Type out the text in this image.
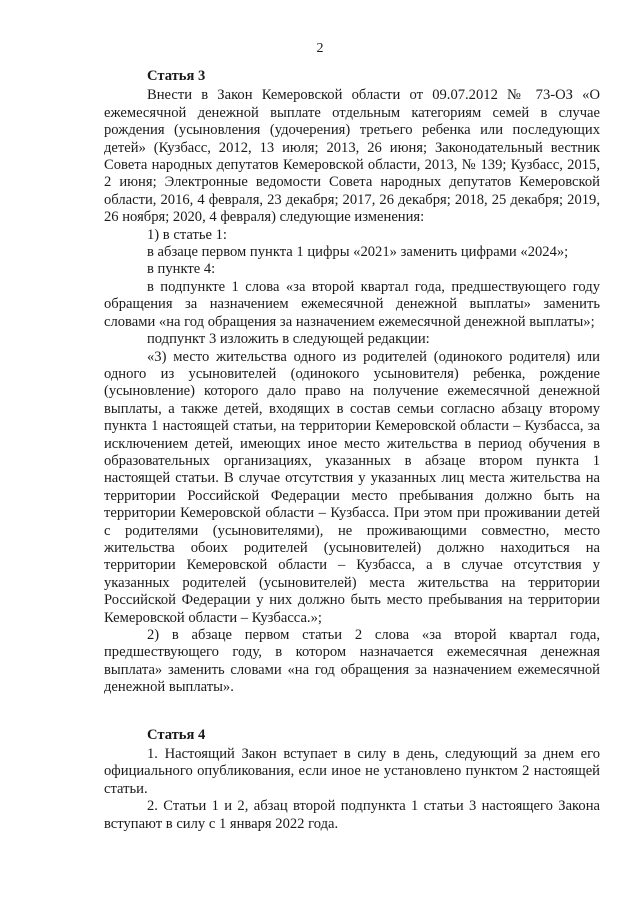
2
Статья 3

Внести в Закон Кемеровской области от 09.07.2012 № 73-ОЗ «О ежемесячной денежной выплате отдельным категориям семей в случае рождения (усыновления (удочерения) третьего ребенка или последующих детей» (Кузбасс, 2012, 13 июля; 2013, 26 июня; Законодательный вестник Совета народных депутатов Кемеровской области, 2013, № 139; Кузбасс, 2015, 2 июня; Электронные ведомости Совета народных депутатов Кемеровской области, 2016, 4 февраля, 23 декабря; 2017, 26 декабря; 2018, 25 декабря; 2019, 26 ноября; 2020, 4 февраля) следующие изменения:

1) в статье 1:

в абзаце первом пункта 1 цифры «2021» заменить цифрами «2024»;

в пункте 4:

в подпункте 1 слова «за второй квартал года, предшествующего году обращения за назначением ежемесячной денежной выплаты» заменить словами «на год обращения за назначением ежемесячной денежной выплаты»;

подпункт 3 изложить в следующей редакции:

«3) место жительства одного из родителей (одинокого родителя) или одного из усыновителей (одинокого усыновителя) ребенка, рождение (усыновление) которого дало право на получение ежемесячной денежной выплаты, а также детей, входящих в состав семьи согласно абзацу второму пункта 1 настоящей статьи, на территории Кемеровской области – Кузбасса, за исключением детей, имеющих иное место жительства в период обучения в образовательных организациях, указанных в абзаце втором пункта 1 настоящей статьи. В случае отсутствия у указанных лиц места жительства на территории Российской Федерации место пребывания должно быть на территории Кемеровской области – Кузбасса. При этом при проживании детей с родителями (усыновителями), не проживающими совместно, место жительства обоих родителей (усыновителей) должно находиться на территории Кемеровской области – Кузбасса, а в случае отсутствия у указанных родителей (усыновителей) места жительства на территории Российской Федерации у них должно быть место пребывания на территории Кемеровской области – Кузбасса.»;

2) в абзаце первом статьи 2 слова «за второй квартал года, предшествующего году, в котором назначается ежемесячная денежная выплата» заменить словами «на год обращения за назначением ежемесячной денежной выплаты».

Статья 4

1. Настоящий Закон вступает в силу в день, следующий за днем его официального опубликования, если иное не установлено пунктом 2 настоящей статьи.

2. Статьи 1 и 2, абзац второй подпункта 1 статьи 3 настоящего Закона вступают в силу с 1 января 2022 года.
